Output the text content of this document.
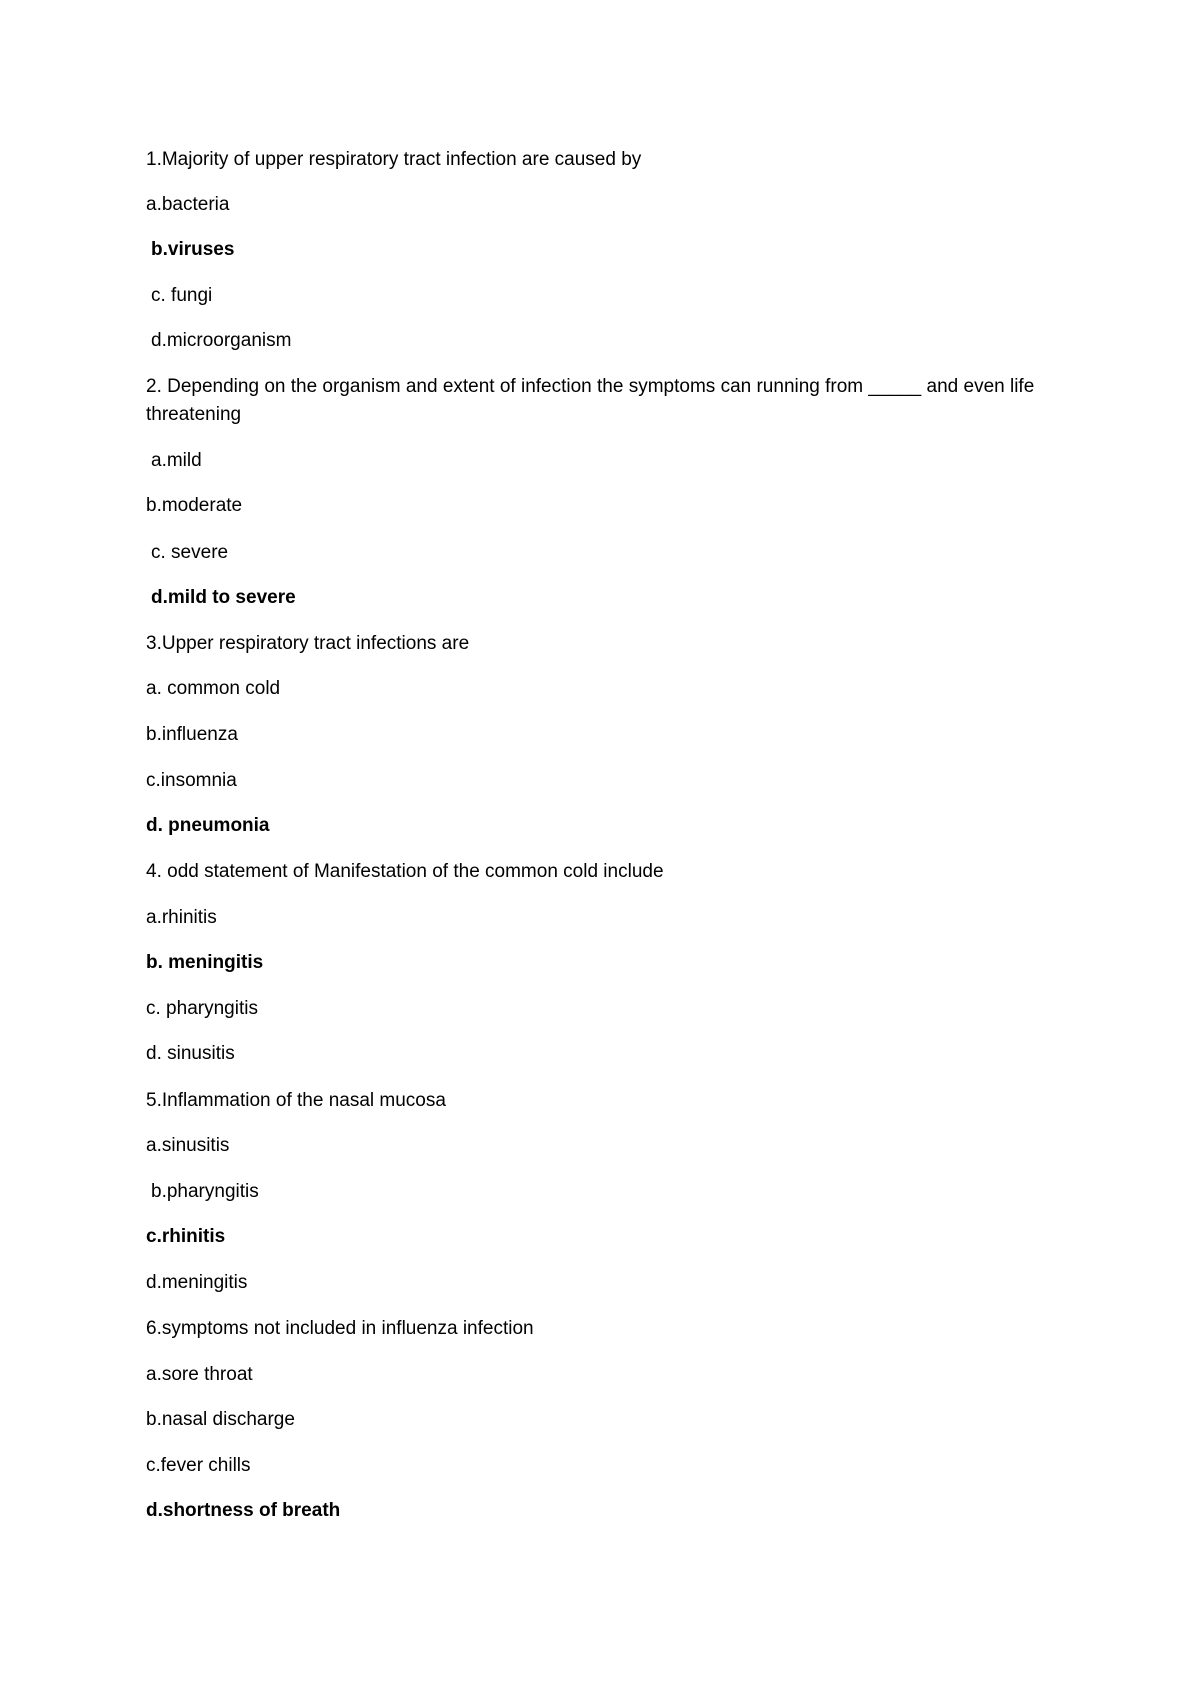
1.Majority of upper respiratory tract infection are caused by

a.bacteria

b.viruses

c. fungi

d.microorganism

2. Depending on the organism and extent of infection the symptoms can running from _____ and even life threatening

a.mild

b.moderate

c. severe

d.mild to severe

3.Upper respiratory tract infections are

a. common cold

b.influenza

c.insomnia

d. pneumonia

4. odd statement of Manifestation of the common cold include

a.rhinitis

b. meningitis

c. pharyngitis

d. sinusitis

5.Inflammation of the nasal mucosa

a.sinusitis

b.pharyngitis

c.rhinitis

d.meningitis

6.symptoms not included in influenza infection

a.sore throat

b.nasal discharge

c.fever chills

d.shortness of breath
